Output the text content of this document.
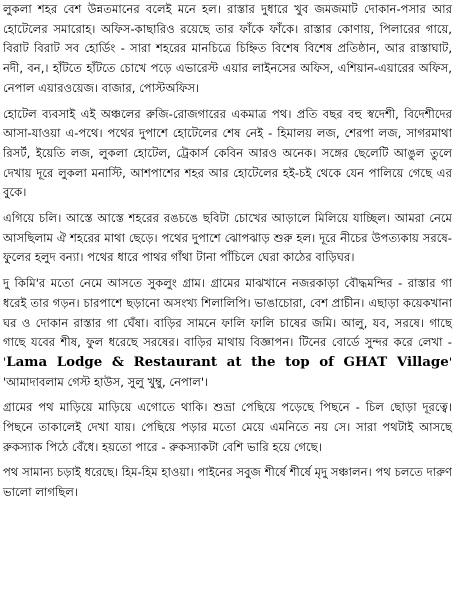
লুকলা শহর বেশ উন্নতমানের বলেই মনে হল। রাস্তার দুধারে খুব জমজমাট দোকান-পসার আর হোটেলের সমারোহ। অফিস-কাছারিও রয়েছে তার ফাঁকে ফাঁকে। রাস্তার কোণায়, পিলারের গায়ে, বিরাট বিরাট সব হোর্ডিং - সারা শহরের মানচিত্রে চিহ্নিত বিশেষ বিশেষ প্রতিষ্ঠান, আর রাস্তাঘাট, নদী, বন,। হাঁটতে হাঁটতে চোখে পড়ে এভারেস্ট এয়ার লাইনসের অফিস, এশিয়ান-এয়ারের অফিস, নেপাল এয়ারওয়েজ। বাজার, পোস্টঅফিস।

হোটেল ব্যবসাই এই অঞ্চলের রুজি-রোজগারের একমাত্র পথ। প্রতি বছর বহু স্বদেশী, বিদেশীদের আসা-যাওয়া এ-পথে। পথের দুপাশে হোটেলের শেষ নেই - হিমালয় লজ, শেরপা লজ, সাগরমাথা রিসর্ট, ইয়েতি লজ, লুকলা হোটেল, ট্রেকার্স কেবিন আরও অনেক। সঙ্গের ছেলেটি আঙুল তুলে দেখায় দূরে লুকলা মনাস্টি, আশপাশের শহর আর হোটেলের হই-চই থেকে যেন পালিয়ে গেছে এর বুকে।

এগিয়ে চলি। আস্তে আস্তে শহরের রঙচঙে ছবিটা চোখের আড়ালে মিলিয়ে যাচ্ছিল। আমরা নেমে আসছিলাম ঐ শহরের মাথা ছেড়ে। পথের দুপাশে ঝোপঝাড় শুরু হল। দূরে নীচের উপত্যকায় সরষে-ফুলের হলুদ বন্যা। পথের ধারে পাথর গাঁথা টানা পাঁচিলে ঘেরা কাঠের বাড়িঘর।

দু কিমি'র মতো নেমে আসতে সুকলুং গ্রাম। গ্রামের মাঝখানে নজরকাড়া বৌদ্ধমন্দির - রাস্তার গা ধরেই তার গড়ন। চারপাশে ছড়ানো অসংখ্য শিলালিপি। ভাঙাচোরা, বেশ প্রাচীন। এছাড়া কয়েকখানা ঘর ও দোকান রাস্তার গা ঘেঁষা। বাড়ির সামনে ফালি ফালি চাষের জমি। আলু, যব, সরষে। গাছে গাছে যবের শীষ, ফুল ধরেছে সরষের। বাড়ির মাথায় বিজ্ঞাপন। টিনের বোর্ডে সুন্দর করে লেখা - 'Lama Lodge & Restaurant at the top of GHAT Village' 'আমাদাবলাম গেস্ট হাউস, সুলু খুম্বু, নেপাল'।

গ্রামের পথ মাড়িয়ে মাড়িয়ে এগোতে থাকি। শুভ্রা পেছিয়ে পড়েছে পিছনে - চিল ছোড়া দূরত্বে। পিছনে তাকালেই দেখা যায়। পেছিয়ে পড়ার মতো মেয়ে এমনিতে নয় সে। সারা পথটাই আসছে রুকস্যাক পিঠে বেঁধে। হয়তো পারে - রুকস্যাকটা বেশি ভারি হয়ে গেছে।

পথ সামান্য চড়াই ধরেছে। হিম-হিম হাওয়া। পাইনের সবুজ শীর্ষে শীর্ষে মৃদু সঞ্চালন। পথ চলতে দারুণ ভালো লাগছিল।
